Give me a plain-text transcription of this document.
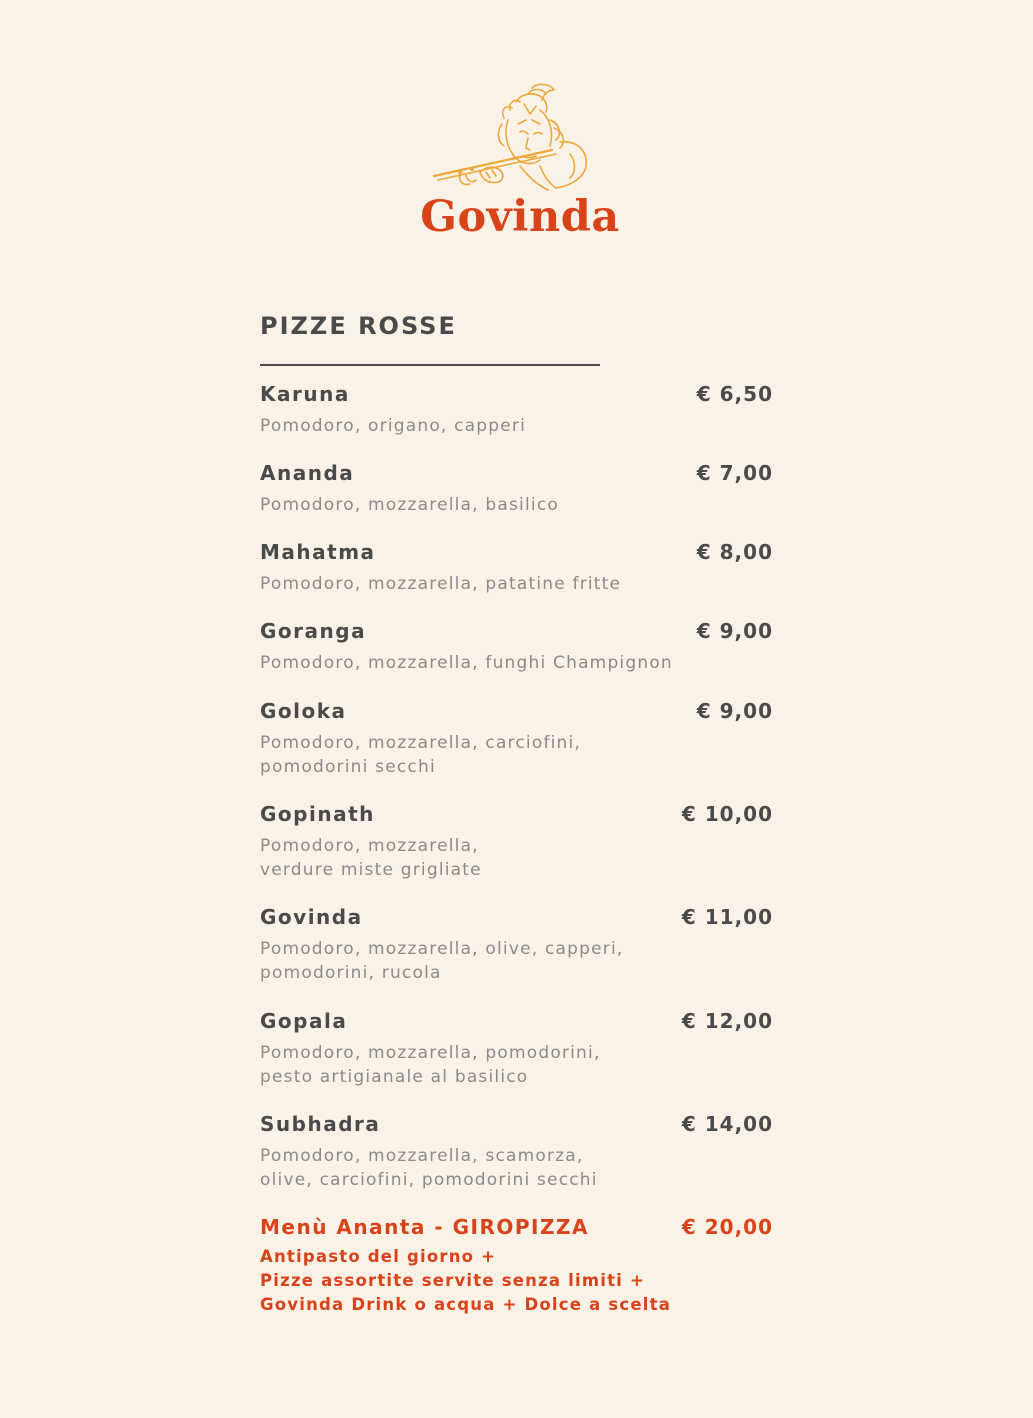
Govinda
PIZZE ROSSE
Karuna	€ 6,50
Pomodoro, origano, capperi
Ananda	€ 7,00
Pomodoro, mozzarella, basilico
Mahatma	€ 8,00
Pomodoro, mozzarella, patatine fritte
Goranga	€ 9,00
Pomodoro, mozzarella, funghi Champignon
Goloka	€ 9,00
Pomodoro, mozzarella, carciofini,
pomodorini secchi
Gopinath	€ 10,00
Pomodoro, mozzarella,
verdure miste grigliate
Govinda	€ 11,00
Pomodoro, mozzarella, olive, capperi,
pomodorini, rucola
Gopala	€ 12,00
Pomodoro, mozzarella, pomodorini,
pesto artigianale al basilico
Subhadra	€ 14,00
Pomodoro, mozzarella, scamorza,
olive, carciofini, pomodorini secchi
Menù Ananta - GIROPIZZA	€ 20,00
Antipasto del giorno +
Pizze assortite servite senza limiti +
Govinda Drink o acqua + Dolce a scelta
